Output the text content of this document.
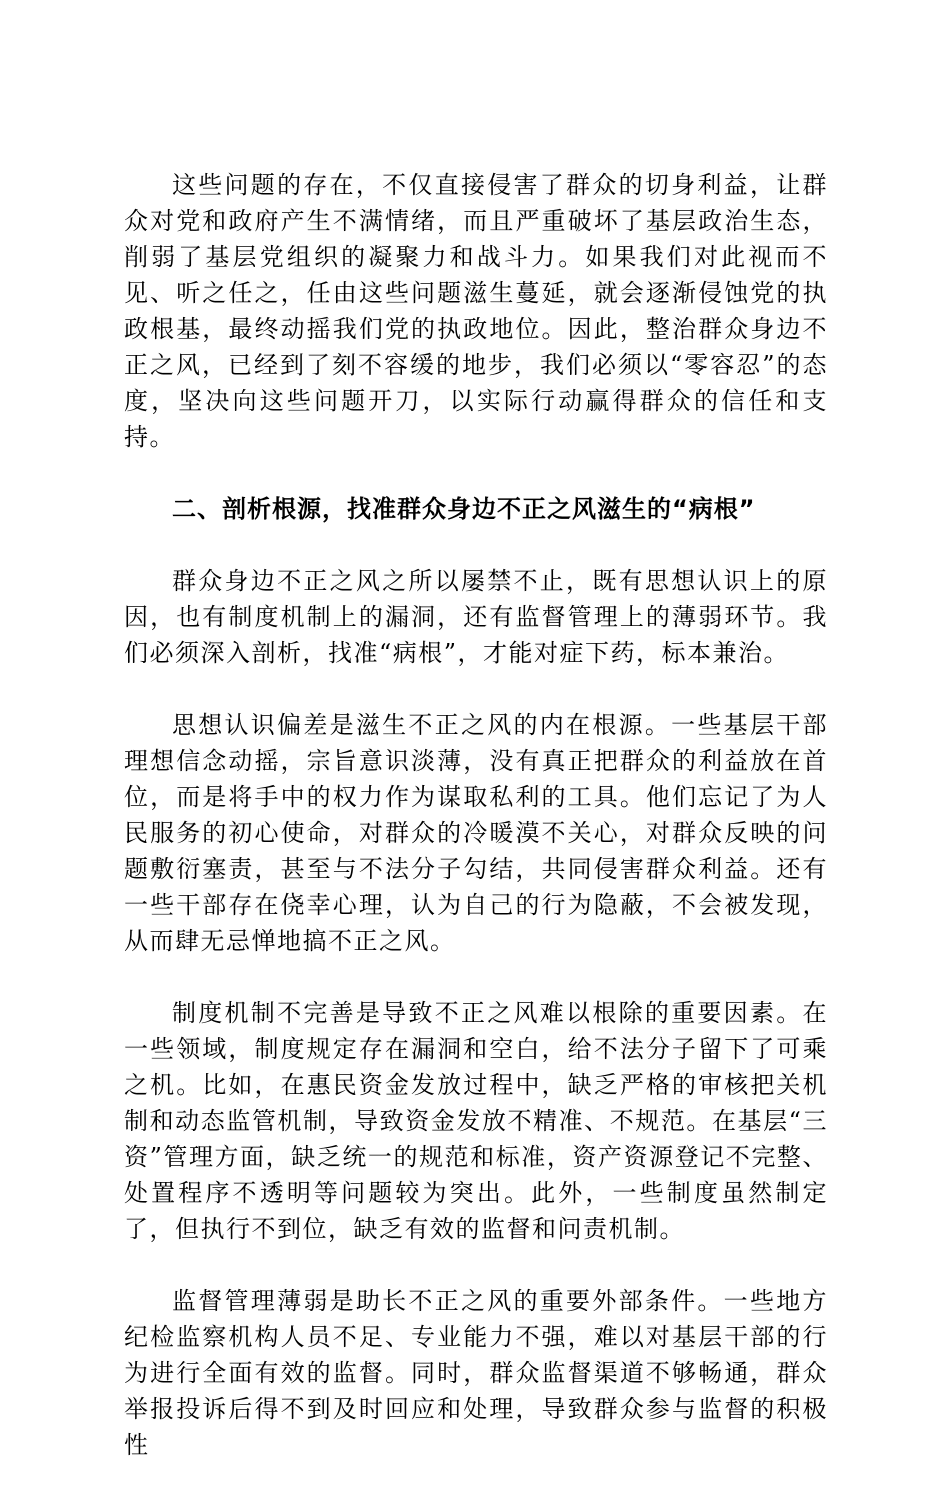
这些问题的存在，不仅直接侵害了群众的切身利益，让群众对党和政府产生不满情绪，而且严重破坏了基层政治生态，削弱了基层党组织的凝聚力和战斗力。如果我们对此视而不见、听之任之，任由这些问题滋生蔓延，就会逐渐侵蚀党的执政根基，最终动摇我们党的执政地位。因此，整治群众身边不正之风，已经到了刻不容缓的地步，我们必须以“零容忍”的态度，坚决向这些问题开刀，以实际行动赢得群众的信任和支持。

二、剖析根源，找准群众身边不正之风滋生的“病根”

群众身边不正之风之所以屡禁不止，既有思想认识上的原因，也有制度机制上的漏洞，还有监督管理上的薄弱环节。我们必须深入剖析，找准“病根”，才能对症下药，标本兼治。

思想认识偏差是滋生不正之风的内在根源。一些基层干部理想信念动摇，宗旨意识淡薄，没有真正把群众的利益放在首位，而是将手中的权力作为谋取私利的工具。他们忘记了为人民服务的初心使命，对群众的冷暖漠不关心，对群众反映的问题敷衍塞责，甚至与不法分子勾结，共同侵害群众利益。还有一些干部存在侥幸心理，认为自己的行为隐蔽，不会被发现，从而肆无忌惮地搞不正之风。

制度机制不完善是导致不正之风难以根除的重要因素。在一些领域，制度规定存在漏洞和空白，给不法分子留下了可乘之机。比如，在惠民资金发放过程中，缺乏严格的审核把关机制和动态监管机制，导致资金发放不精准、不规范。在基层“三资”管理方面，缺乏统一的规范和标准，资产资源登记不完整、处置程序不透明等问题较为突出。此外，一些制度虽然制定了，但执行不到位，缺乏有效的监督和问责机制。

监督管理薄弱是助长不正之风的重要外部条件。一些地方纪检监察机构人员不足、专业能力不强，难以对基层干部的行为进行全面有效的监督。同时，群众监督渠道不够畅通，群众举报投诉后得不到及时回应和处理，导致群众参与监督的积极性
